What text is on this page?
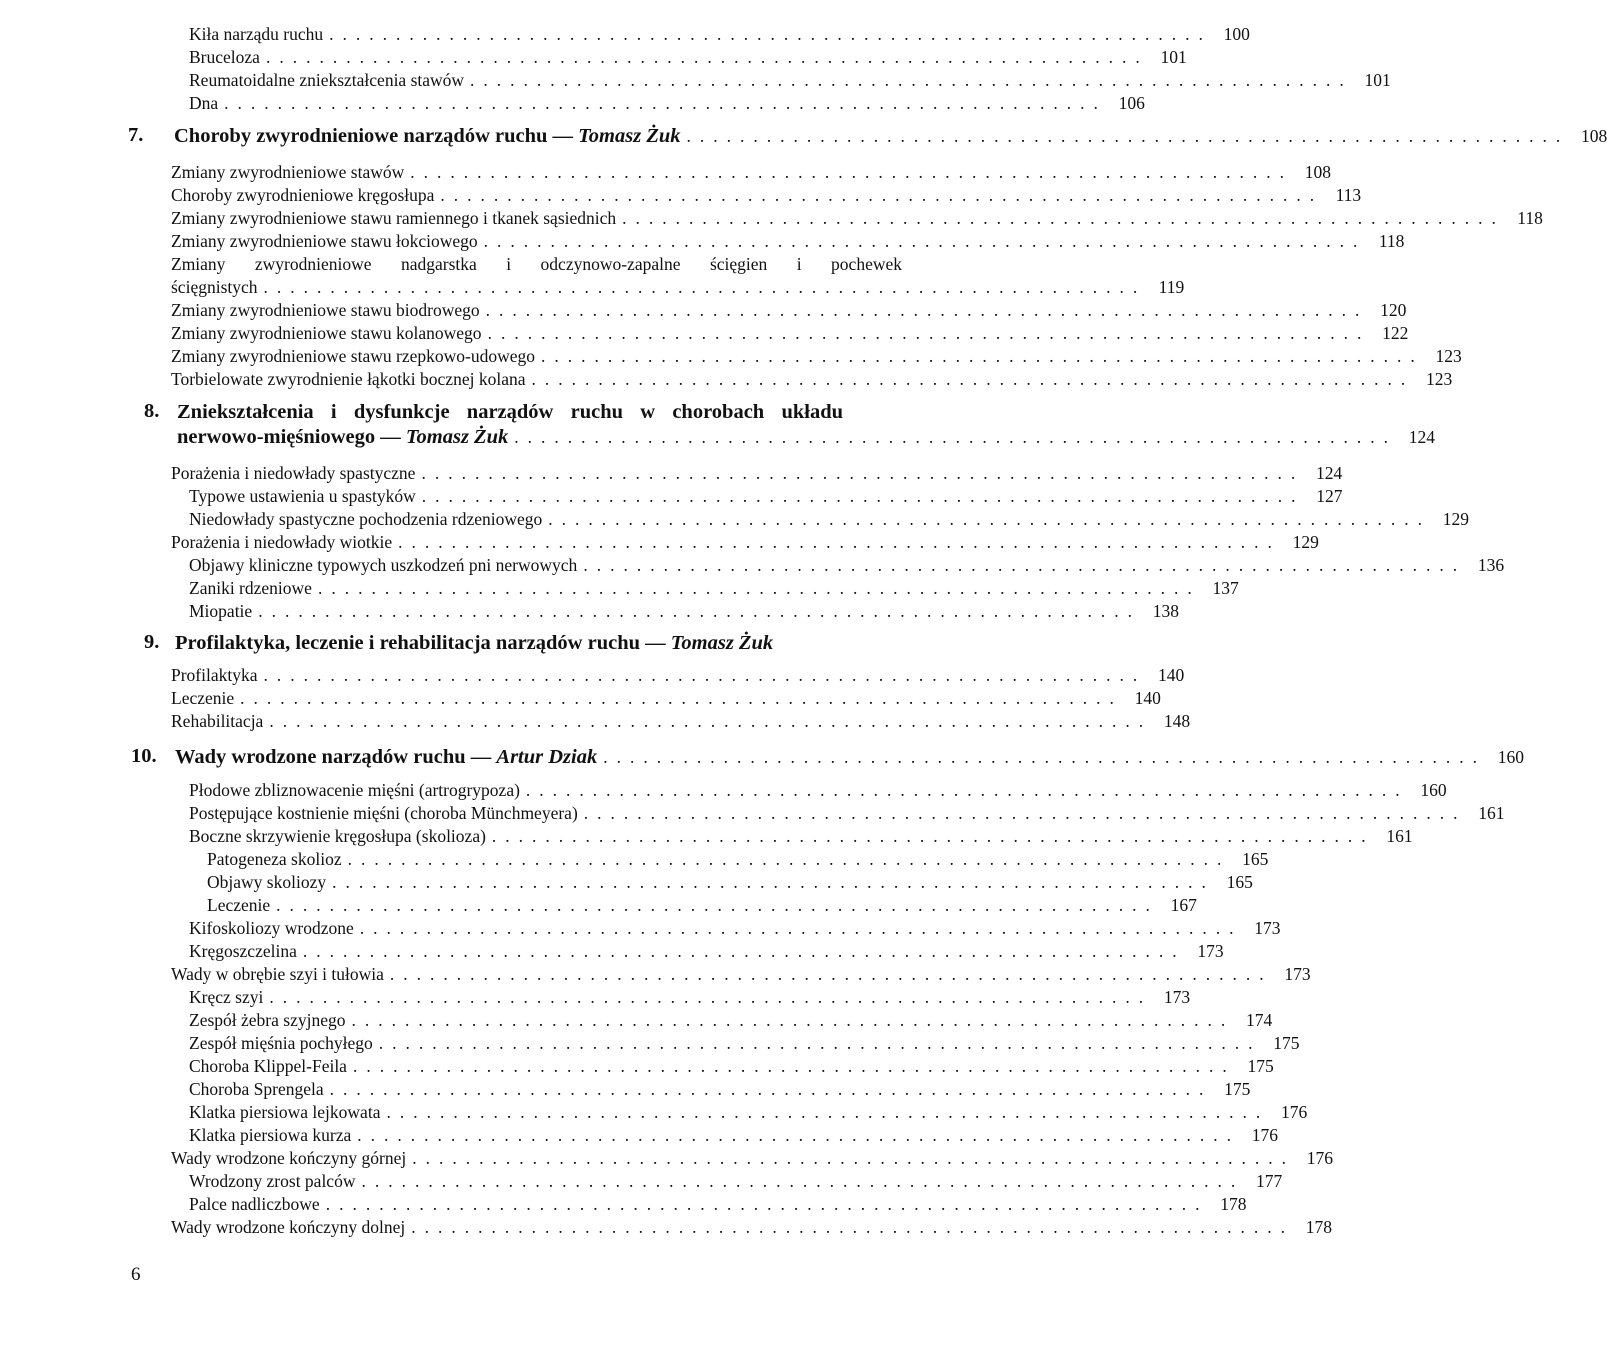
Kiła narządu ruchu .................................................................. 100
Bruceloza .................................................................. 101
Reumatoidalne zniekształcenia stawów .................................................................. 101
Dna .................................................................. 106
7. Choroby zwyrodnieniowe narządów ruchu — Tomasz Żuk .................................................................. 108
Zmiany zwyrodnieniowe stawów .................................................................. 108
Choroby zwyrodnieniowe kręgosłupa .................................................................. 113
Zmiany zwyrodnieniowe stawu ramiennego i tkanek sąsiednich .................................................................. 118
Zmiany zwyrodnieniowe stawu łokciowego .................................................................. 118
Zmiany zwyrodnieniowe nadgarstka i odczynowo-zapalne ścięgien i pochewek
ścięgnistych .................................................................. 119
Zmiany zwyrodnieniowe stawu biodrowego .................................................................. 120
Zmiany zwyrodnieniowe stawu kolanowego .................................................................. 122
Zmiany zwyrodnieniowe stawu rzepkowo-udowego .................................................................. 123
Torbielowate zwyrodnienie łąkotki bocznej kolana .................................................................. 123
8. Zniekształcenia i dysfunkcje narządów ruchu w chorobach układu
nerwowo-mięśniowego — Tomasz Żuk .................................................................. 124
Porażenia i niedowłady spastyczne .................................................................. 124
Typowe ustawienia u spastyków .................................................................. 127
Niedowłady spastyczne pochodzenia rdzeniowego .................................................................. 129
Porażenia i niedowłady wiotkie .................................................................. 129
Objawy kliniczne typowych uszkodzeń pni nerwowych .................................................................. 136
Zaniki rdzeniowe .................................................................. 137
Miopatie .................................................................. 138
9. Profilaktyka, leczenie i rehabilitacja narządów ruchu — Tomasz Żuk
Profilaktyka .................................................................. 140
Leczenie .................................................................. 140
Rehabilitacja .................................................................. 148
10. Wady wrodzone narządów ruchu — Artur Dziak .................................................................. 160
Płodowe zbliznowacenie mięśni (artrogrypoza) .................................................................. 160
Postępujące kostnienie mięśni (choroba Münchmeyera) .................................................................. 161
Boczne skrzywienie kręgosłupa (skolioza) .................................................................. 161
Patogeneza skolioz .................................................................. 165
Objawy skoliozy .................................................................. 165
Leczenie .................................................................. 167
Kifoskoliozy wrodzone .................................................................. 173
Kręgoszczelina .................................................................. 173
Wady w obrębie szyi i tułowia .................................................................. 173
Kręcz szyi .................................................................. 173
Zespół żebra szyjnego .................................................................. 174
Zespół mięśnia pochyłego .................................................................. 175
Choroba Klippel-Feila .................................................................. 175
Choroba Sprengela .................................................................. 175
Klatka piersiowa lejkowata .................................................................. 176
Klatka piersiowa kurza .................................................................. 176
Wady wrodzone kończyny górnej .................................................................. 176
Wrodzony zrost palców .................................................................. 177
Palce nadliczbowe .................................................................. 178
Wady wrodzone kończyny dolnej .................................................................. 178
6
